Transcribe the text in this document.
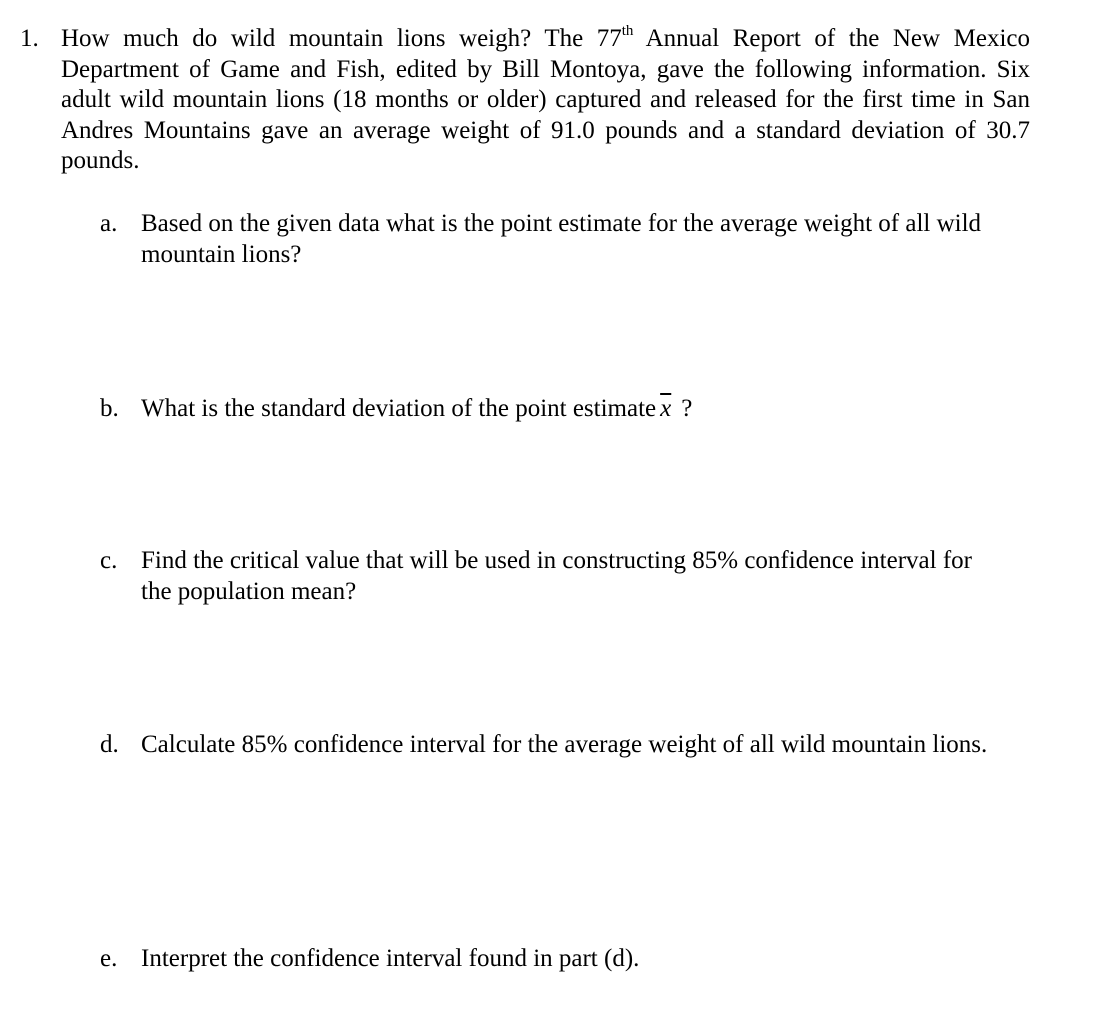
1. How much do wild mountain lions weigh? The 77th Annual Report of the New Mexico Department of Game and Fish, edited by Bill Montoya, gave the following information. Six adult wild mountain lions (18 months or older) captured and released for the first time in San Andres Mountains gave an average weight of 91.0 pounds and a standard deviation of 30.7 pounds.
a. Based on the given data what is the point estimate for the average weight of all wild mountain lions?
b. What is the standard deviation of the point estimate $\overline{x}$ ?
c. Find the critical value that will be used in constructing 85% confidence interval for the population mean?
d. Calculate 85% confidence interval for the average weight of all wild mountain lions.
e. Interpret the confidence interval found in part (d).
